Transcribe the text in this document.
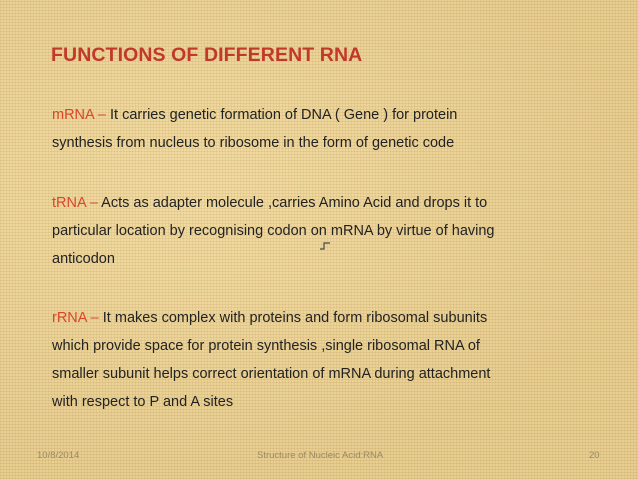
FUNCTIONS OF DIFFERENT RNA
mRNA – It carries genetic formation of DNA ( Gene ) for protein
synthesis from nucleus to ribosome in the form of genetic code
tRNA – Acts as adapter molecule ,carries Amino Acid and drops it to
particular location by recognising codon on mRNA by virtue of having
anticodon
rRNA – It makes complex with proteins and form ribosomal subunits
which provide space for protein synthesis ,single ribosomal RNA of
smaller subunit helps correct orientation of mRNA during attachment
with respect to P and A sites
10/8/2014	Structure of Nucleic Acid:RNA	20
